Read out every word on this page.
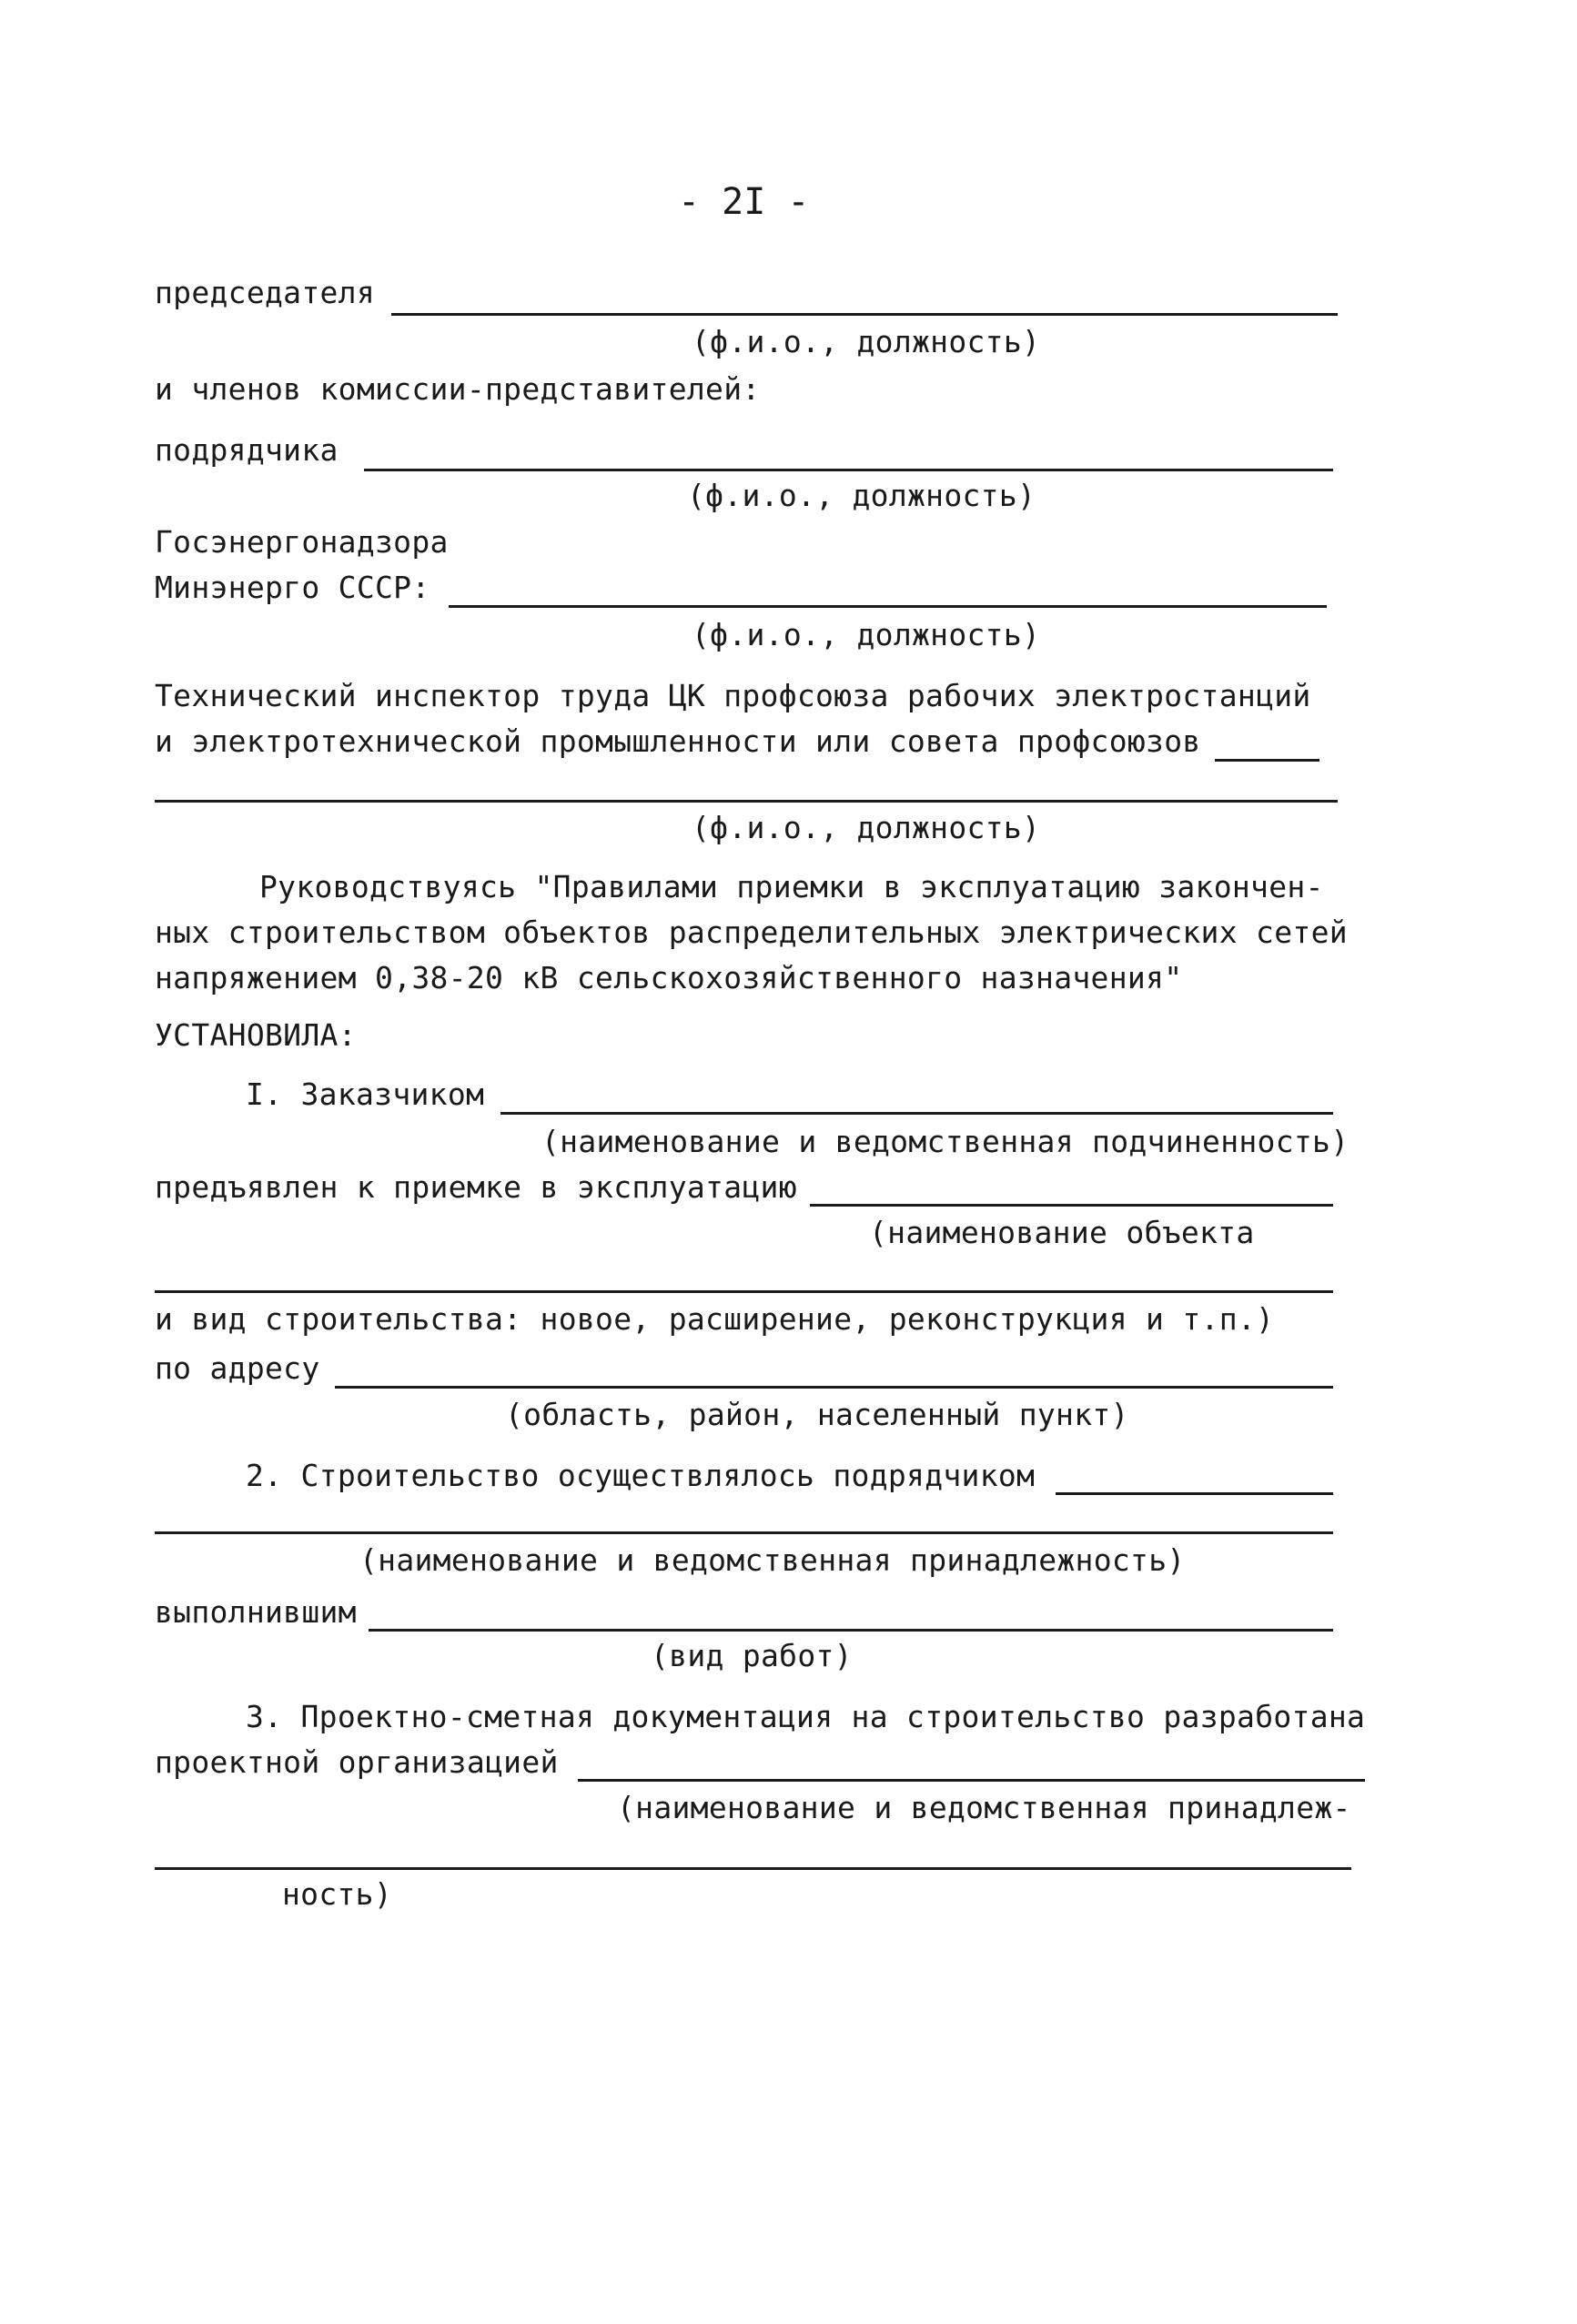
- 2I -
председателя
(ф.и.о., должность)
и членов комиссии-представителей:
подрядчика
(ф.и.о., должность)
Госэнергонадзора
Минэнерго СССР:
(ф.и.о., должность)
Технический инспектор труда ЦК профсоюза рабочих электростанций
и электротехнической промышленности или совета профсоюзов
(ф.и.о., должность)
Руководствуясь "Правилами приемки в эксплуатацию закончен-
ных строительством объектов распределительных электрических сетей
напряжением 0,38-20 кВ сельскохозяйственного назначения"
УСТАНОВИЛА:
I. Заказчиком
(наименование и ведомственная подчиненность)
предъявлен к приемке в эксплуатацию
(наименование объекта
и вид строительства: новое, расширение, реконструкция и т.п.)
по адресу
(область, район, населенный пункт)
2. Строительство осуществлялось подрядчиком
(наименование и ведомственная принадлежность)
выполнившим
(вид работ)
3. Проектно-сметная документация на строительство разработана
проектной организацией
(наименование и ведомственная принадлеж-
ность)
